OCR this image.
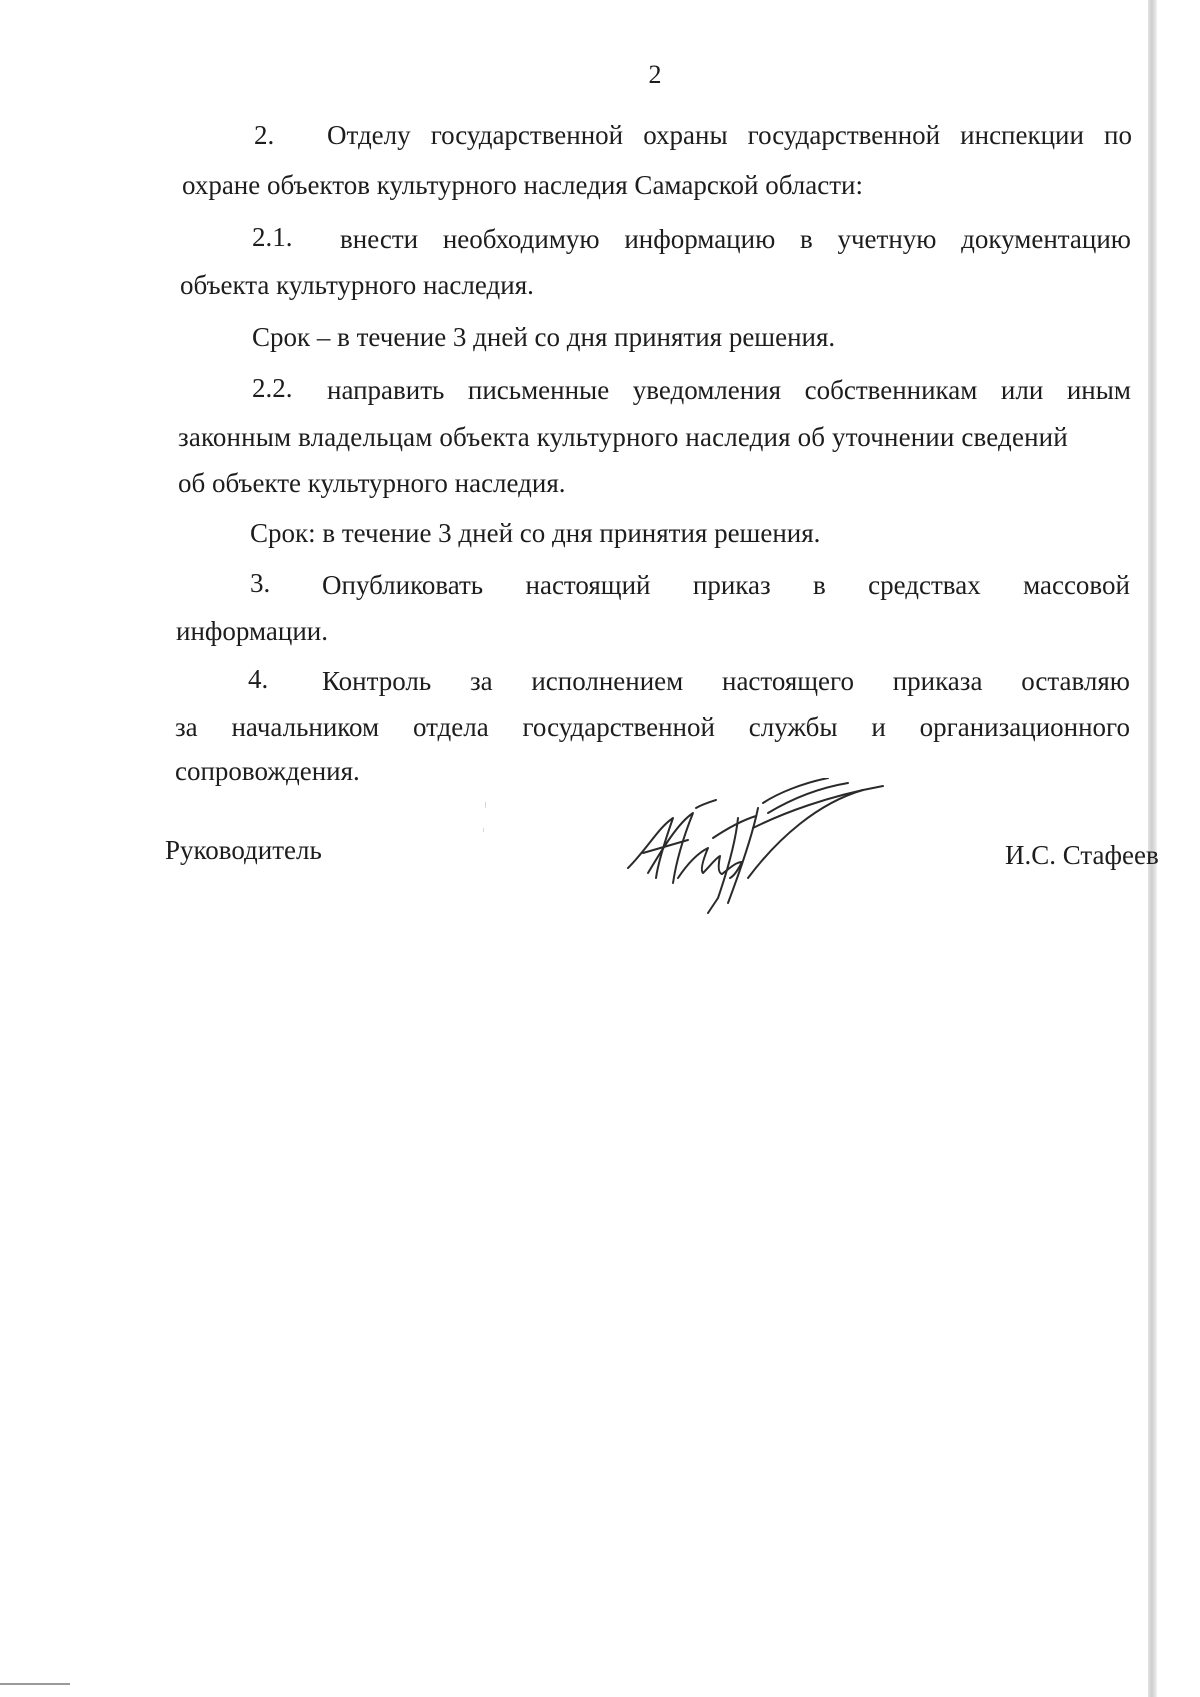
2
2. Отделу государственной охраны государственной инспекции по
охране объектов культурного наследия Самарской области:
2.1. внести необходимую информацию в учетную документацию
объекта культурного наследия.
Срок – в течение 3 дней со дня принятия решения.
2.2. направить письменные уведомления собственникам или иным
законным владельцам объекта культурного наследия об уточнении сведений
об объекте культурного наследия.
Срок: в течение 3 дней со дня принятия решения.
3. Опубликовать настоящий приказ в средствах массовой
информации.
4. Контроль за исполнением настоящего приказа оставляю
за начальником отдела государственной службы и организационного
сопровождения.
Руководитель	И.С. Стафеев
